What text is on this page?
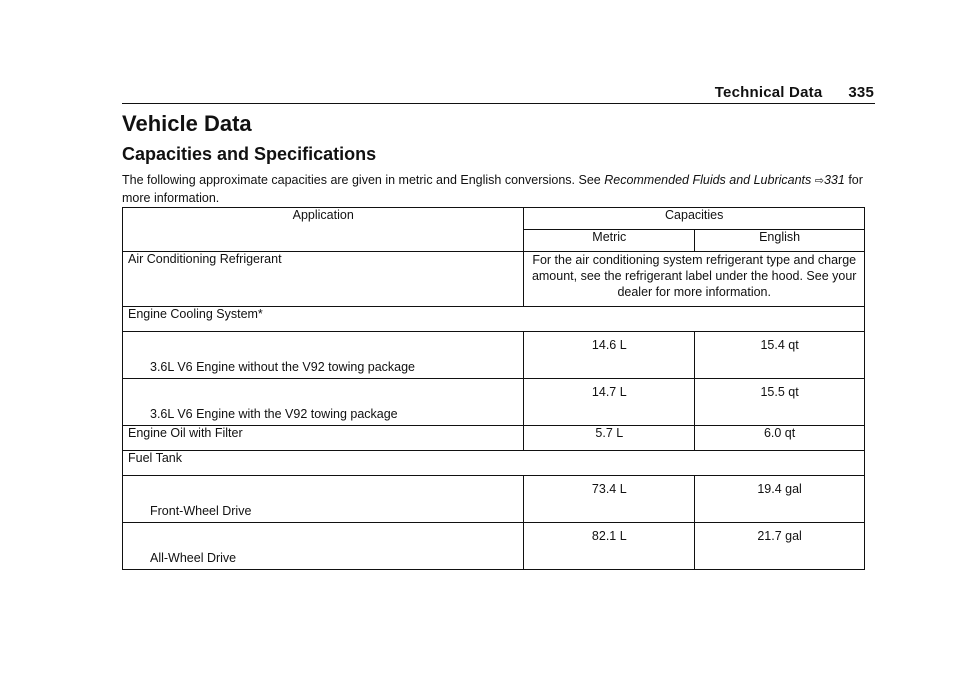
Technical Data 335
Vehicle Data
Capacities and Specifications

The following approximate capacities are given in metric and English conversions. See Recommended Fluids and Lubricants ⇨331 for more information.

Application	Capacities	
	Metric	English
Air Conditioning Refrigerant	For the air conditioning system refrigerant type and charge amount, see the refrigerant label under the hood. See your dealer for more information.	
Engine Cooling System*		
3.6L V6 Engine without the V92 towing package	14.6 L	15.4 qt
3.6L V6 Engine with the V92 towing package	14.7 L	15.5 qt
Engine Oil with Filter	5.7 L	6.0 qt
Fuel Tank		
Front-Wheel Drive	73.4 L	19.4 gal
All-Wheel Drive	82.1 L	21.7 gal
